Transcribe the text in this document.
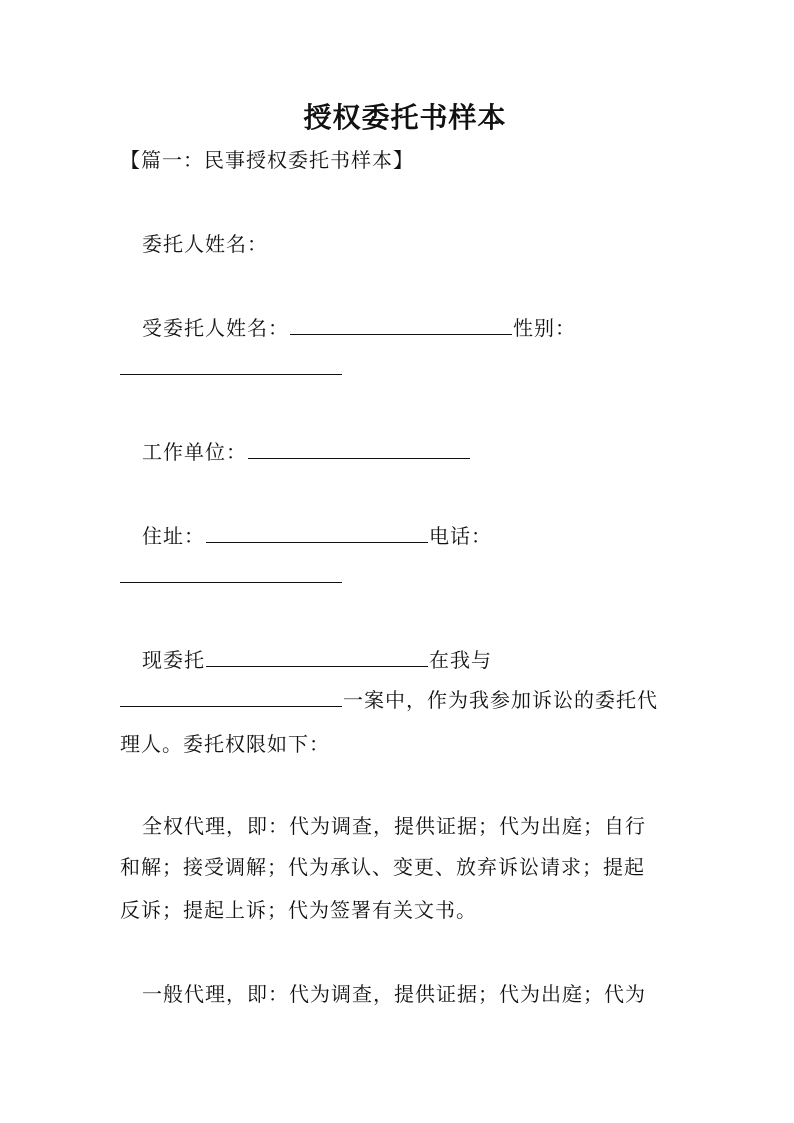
授权委托书样本
【篇一：民事授权委托书样本】
委托人姓名：
受委托人姓名：	性别：
工作单位：
住址：	电话：
现委托	在我与
一案中，作为我参加诉讼的委托代
理人。委托权限如下：
全权代理，即：代为调查，提供证据；代为出庭；自行
和解；接受调解；代为承认、变更、放弃诉讼请求；提起
反诉；提起上诉；代为签署有关文书。
一般代理，即：代为调查，提供证据；代为出庭；代为
